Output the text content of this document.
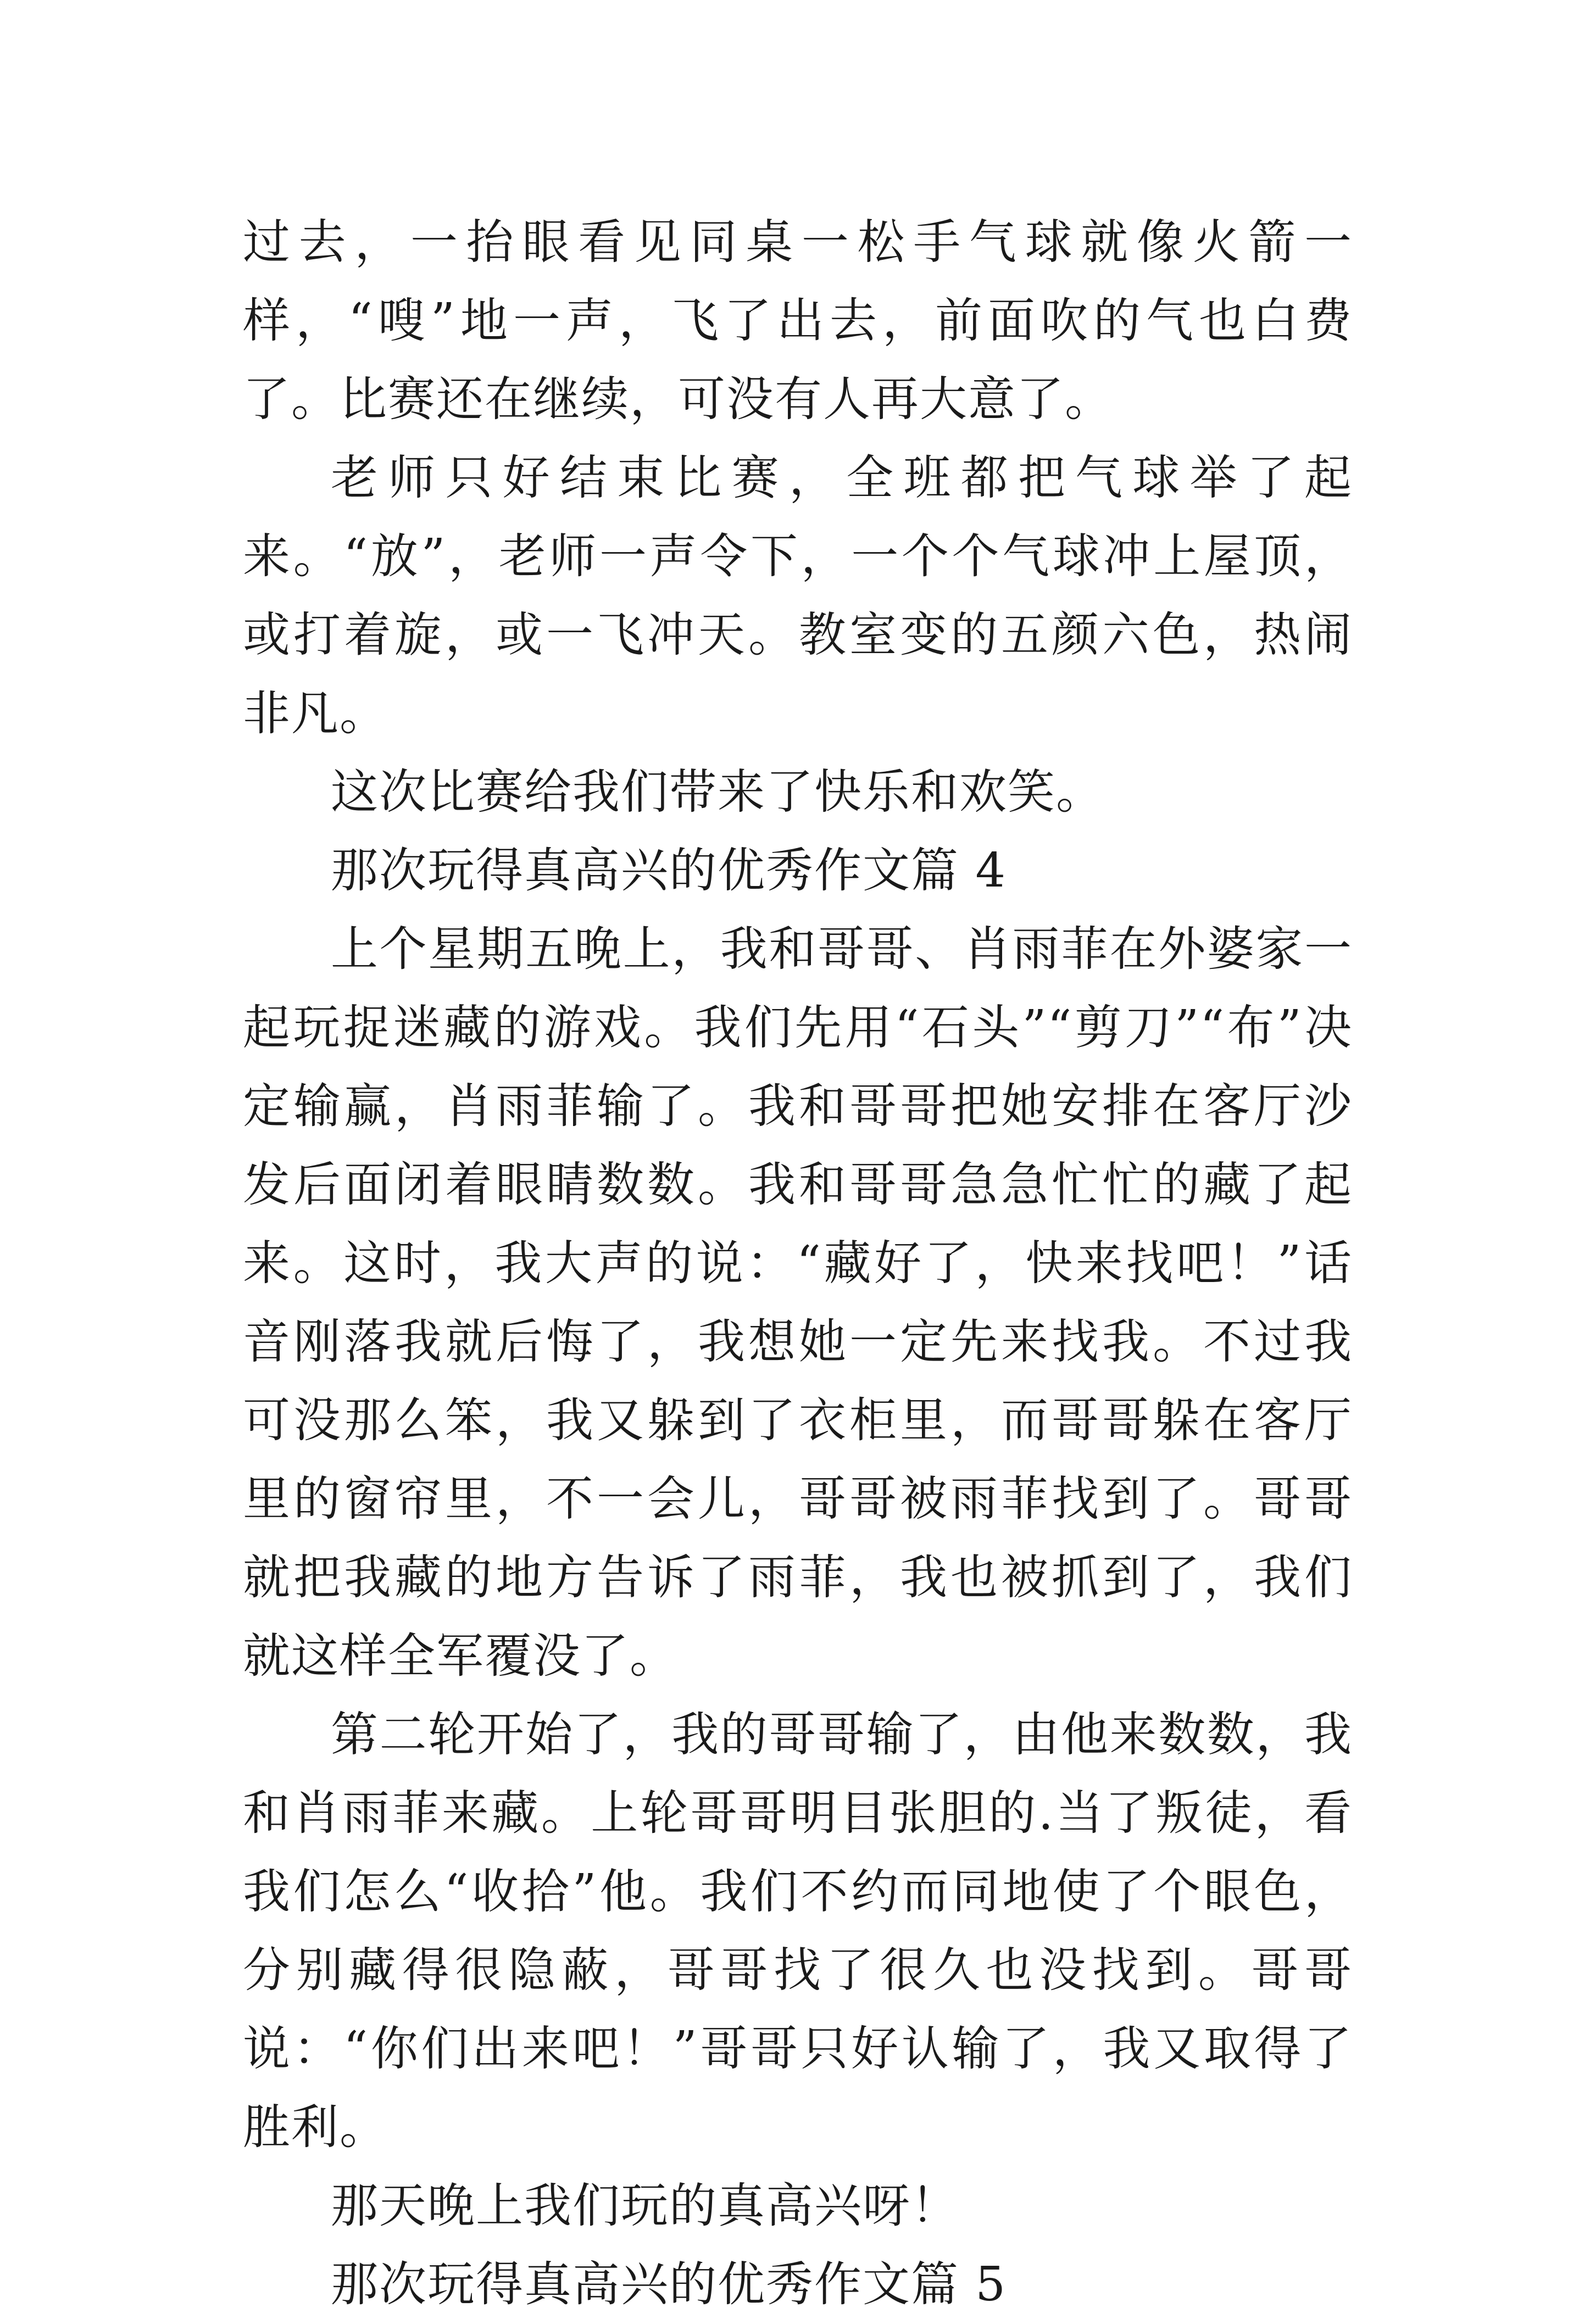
过去，一抬眼看见同桌一松手气球就像火箭一样，“嗖”地一声，飞了出去，前面吹的气也白费了。比赛还在继续，可没有人再大意了。

老师只好结束比赛，全班都把气球举了起来。“放”，老师一声令下，一个个气球冲上屋顶，或打着旋，或一飞冲天。教室变的五颜六色，热闹非凡。

这次比赛给我们带来了快乐和欢笑。

那次玩得真高兴的优秀作文篇 4

上个星期五晚上，我和哥哥、肖雨菲在外婆家一起玩捉迷藏的游戏。我们先用“石头”“剪刀”“布”决定输赢，肖雨菲输了。我和哥哥把她安排在客厅沙发后面闭着眼睛数数。我和哥哥急急忙忙的藏了起来。这时，我大声的说：“藏好了，快来找吧！”话音刚落我就后悔了，我想她一定先来找我。不过我可没那么笨，我又躲到了衣柜里，而哥哥躲在客厅里的窗帘里，不一会儿，哥哥被雨菲找到了。哥哥就把我藏的地方告诉了雨菲，我也被抓到了，我们就这样全军覆没了。

第二轮开始了，我的哥哥输了，由他来数数，我和肖雨菲来藏。上轮哥哥明目张胆的.当了叛徒，看我们怎么“收拾”他。我们不约而同地使了个眼色，分别藏得很隐蔽，哥哥找了很久也没找到。哥哥说：“你们出来吧！”哥哥只好认输了，我又取得了胜利。

那天晚上我们玩的真高兴呀！

那次玩得真高兴的优秀作文篇 5
